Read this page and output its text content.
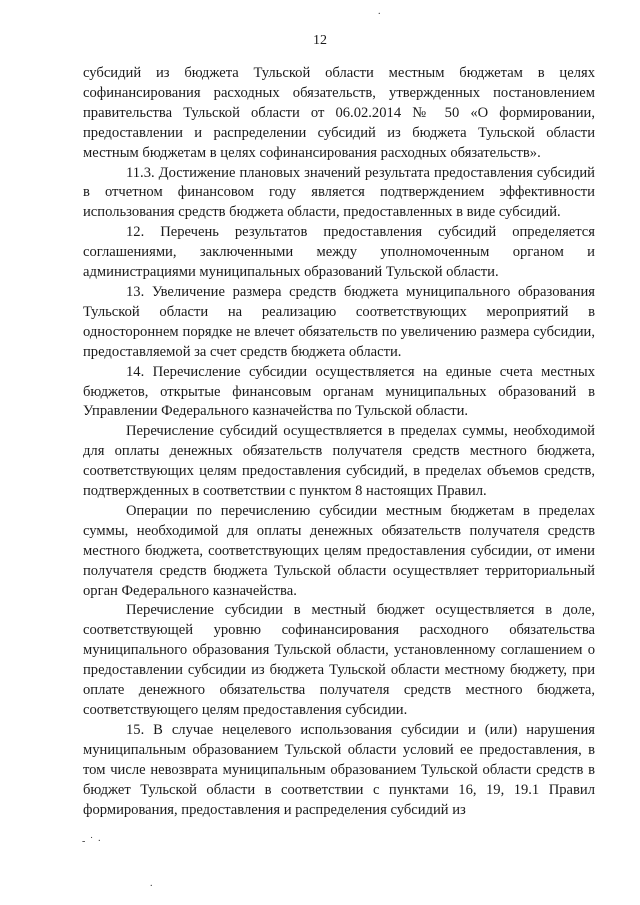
.
12

субсидий из бюджета Тульской области местным бюджетам в целях софинансирования расходных обязательств, утвержденных постановлением правительства Тульской области от 06.02.2014 № 50 «О формировании, предоставлении и распределении субсидий из бюджета Тульской области местным бюджетам в целях софинансирования расходных обязательств».

11.3. Достижение плановых значений результата предоставления субсидий в отчетном финансовом году является подтверждением эффективности использования средств бюджета области, предоставленных в виде субсидий.

12. Перечень результатов предоставления субсидий определяется соглашениями, заключенными между уполномоченным органом и администрациями муниципальных образований Тульской области.

13. Увеличение размера средств бюджета муниципального образования Тульской области на реализацию соответствующих мероприятий в одностороннем порядке не влечет обязательств по увеличению размера субсидии, предоставляемой за счет средств бюджета области.

14. Перечисление субсидии осуществляется на единые счета местных бюджетов, открытые финансовым органам муниципальных образований в Управлении Федерального казначейства по Тульской области.

Перечисление субсидий осуществляется в пределах суммы, необходимой для оплаты денежных обязательств получателя средств местного бюджета, соответствующих целям предоставления субсидий, в пределах объемов средств, подтвержденных в соответствии с пунктом 8 настоящих Правил.

Операции по перечислению субсидии местным бюджетам в пределах суммы, необходимой для оплаты денежных обязательств получателя средств местного бюджета, соответствующих целям предоставления субсидии, от имени получателя средств бюджета Тульской области осуществляет территориальный орган Федерального казначейства.

Перечисление субсидии в местный бюджет осуществляется в доле, соответствующей уровню софинансирования расходного обязательства муниципального образования Тульской области, установленному соглашением о предоставлении субсидии из бюджета Тульской области местному бюджету, при оплате денежного обязательства получателя средств местного бюджета, соответствующего целям предоставления субсидии.

15. В случае нецелевого использования субсидии и (или) нарушения муниципальным образованием Тульской области условий ее предоставления, в том числе невозврата муниципальным образованием Тульской области средств в бюджет Тульской области в соответствии с пунктами 16, 19, 19.1 Правил формирования, предоставления и распределения субсидий из

- ˙ ·
.
